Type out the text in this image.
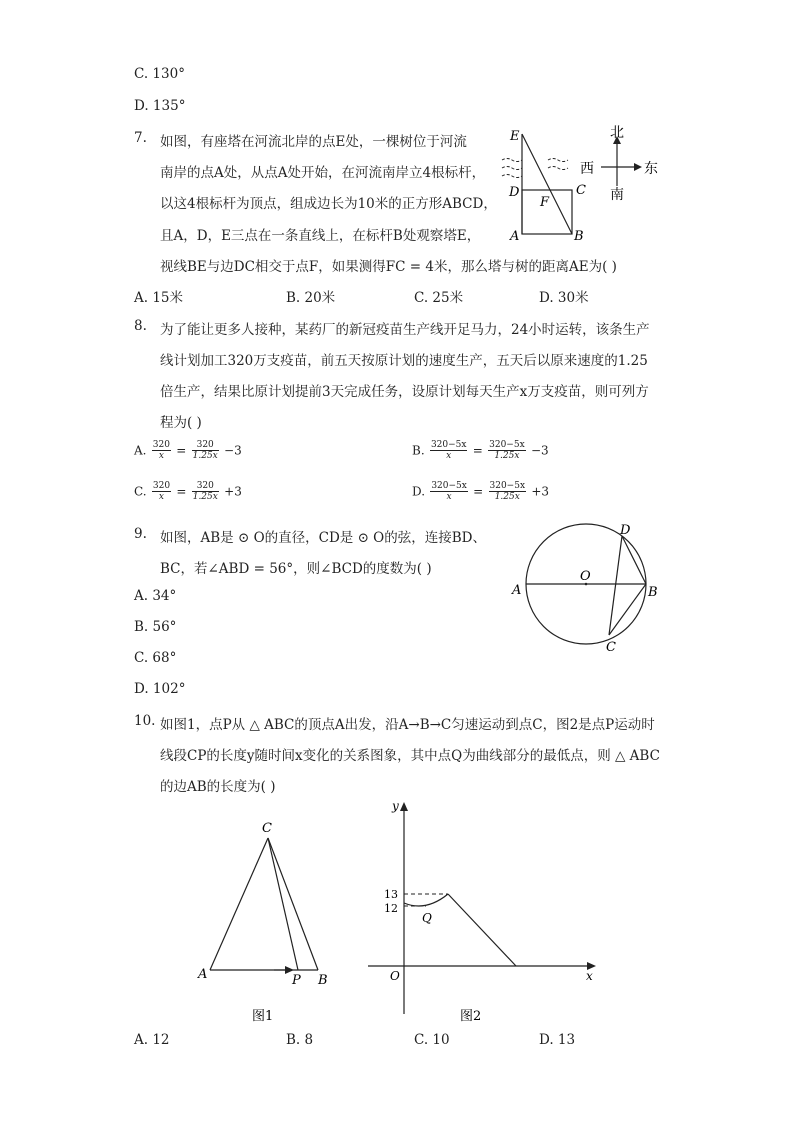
C. 130°
D. 135°
7. 如图，有座塔在河流北岸的点E处，一棵树位于河流
南岸的点A处，从点A处开始，在河流南岸立4根标杆，
以这4根标杆为顶点，组成边长为10米的正方形ABCD，
且A，D，E三点在一条直线上，在标杆B处观察塔E，
视线BE与边DC相交于点F，如果测得FC = 4米，那么塔与树的距离AE为( )
E
D	C
F
A	B
北
南
东
西
A. 15米	B. 20米	C. 25米	D. 30米
8. 为了能让更多人接种，某药厂的新冠疫苗生产线开足马力，24小时运转，该条生产
线计划加工320万支疫苗，前五天按原计划的速度生产，五天后以原来速度的1.25
倍生产，结果比原计划提前3天完成任务，设原计划每天生产x万支疫苗，则可列方
程为( )
A. $\frac{320}{x} = \frac{320}{1.25x} -3$	B. $\frac{320-5x}{x} = \frac{320-5x}{1.25x} -3$
C. $\frac{320}{x} = \frac{320}{1.25x} +3$	D. $\frac{320-5x}{x} = \frac{320-5x}{1.25x} +3$
9. 如图，AB是 ⊙ O的直径，CD是 ⊙ O的弦，连接BD、
BC，若∠ABD = 56°，则∠BCD的度数为( )
A	B
C
D
O
A. 34°
B. 56°
C. 68°
D. 102°
10. 如图1，点P从 △ ABC的顶点A出发，沿A→B→C匀速运动到点C，图2是点P运动时
线段CP的长度y随时间x变化的关系图象，其中点Q为曲线部分的最低点，则 △ ABC
的边AB的长度为( )
C
A	B
P
图1
y
x
O
13
12
Q
图2
A. 12	B. 8	C. 10	D. 13
